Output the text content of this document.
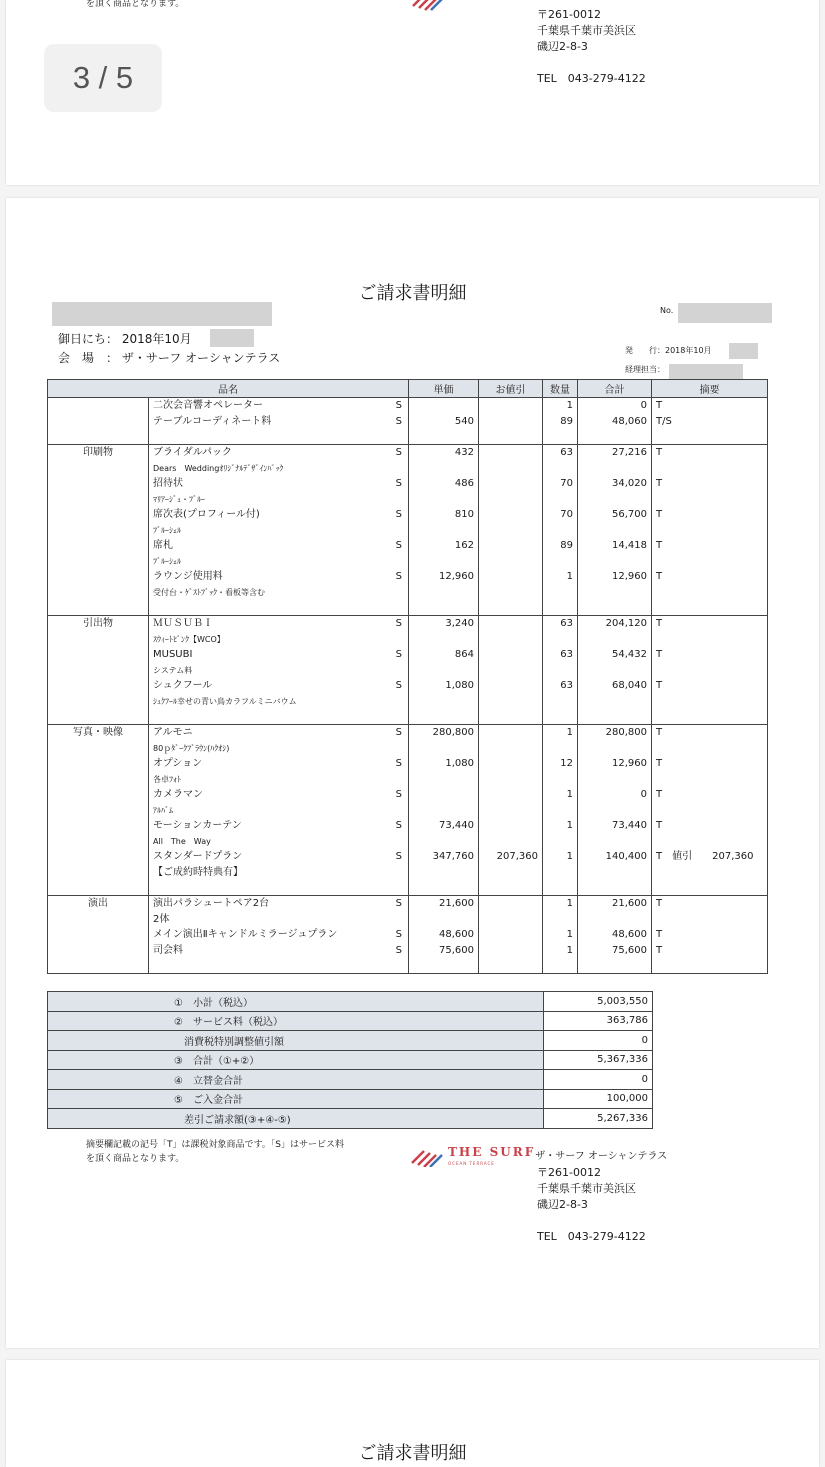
3 / 5
を頂く商品となります。
〒261-0012
千葉県千葉市美浜区
磯辺2-8-3
TEL　043-279-4122
ご請求書明細
No.
御日にち： 2018年10月
会　場　： ザ・サーフ オーシャンテラス
発　　行：2018年10月
経理担当：
品名		単価	お値引	数量	合計	摘要
	二次会音響オペレーター S			1	0	T
	テーブルコーディネート料 S	540		89	48,060	T/S

印刷物	ブライダルパック S	432		63	27,216	T
	Dears　Weddingｵﾘｼﾞﾅﾙﾃﾞｻﾞｲﾝﾊﾟｯｸ

	招待状 S	486		70	34,020	T
	ﾏﾘｱｰｼﾞｭ・ﾌﾞﾙｰ

	席次表(プロフィール付) S	810		70	56,700	T
	ﾌﾞﾙｰｼｪﾙ

	席札 S	162		89	14,418	T
	ﾌﾞﾙｰｼｪﾙ

	ラウンジ使用料 S	12,960		1	12,960	T
	受付台・ｹﾞｽﾄﾌﾞｯｸ・看板等含む

引出物	ＭＵＳＵＢＩ S	3,240		63	204,120	T
	ｽｳｨｰﾄﾋﾟﾝｸ【WCO】

	MUSUBI S	864		63	54,432	T
	システム料

	シュクフール S	1,080		63	68,040	T
	ｼｭｸﾌｰﾙ幸せの青い鳥カラフルミニバウム

写真・映像	アルモニ S	280,800		1	280,800	T
	80ｐﾀﾞｰｸﾌﾞﾗｳﾝ(ﾊｸｵｼ)

	オプション S	1,080		12	12,960	T
	各卓ﾌｫﾄ

	カメラマン S			1	0	T
	ｱﾙﾊﾞﾑ

	モーションカーテン S	73,440		1	73,440	T
	All　The　Way

	スタンダードプラン S	347,760	207,360	1	140,400	T　値引　　207,360
	【ご成約時特典有】

演出	演出パラシュートペア2台 S	21,600		1	21,600	T
	2体

	メイン演出Ⅱキャンドルミラージュプラン S	48,600		1	48,600	T
	司会料 S	75,600		1	75,600	T

①　小計（税込）	5,003,550	

②　サービス料（税込）	363,786	

　消費税特別調整値引額	0	

③　合計（①+②）	5,367,336	

④　立替金合計	0	

⑤　ご入金合計	100,000	

　差引ご請求額(③+④-⑤)	5,267,336	
摘要欄記載の記号「T」は課税対象商品です。「S」はサービス料
を頂く商品となります。	THE SURF
OCEAN TERRACE
ザ・サーフ オーシャンテラス
〒261-0012
千葉県千葉市美浜区
磯辺2-8-3
TEL　043-279-4122
ご請求書明細
